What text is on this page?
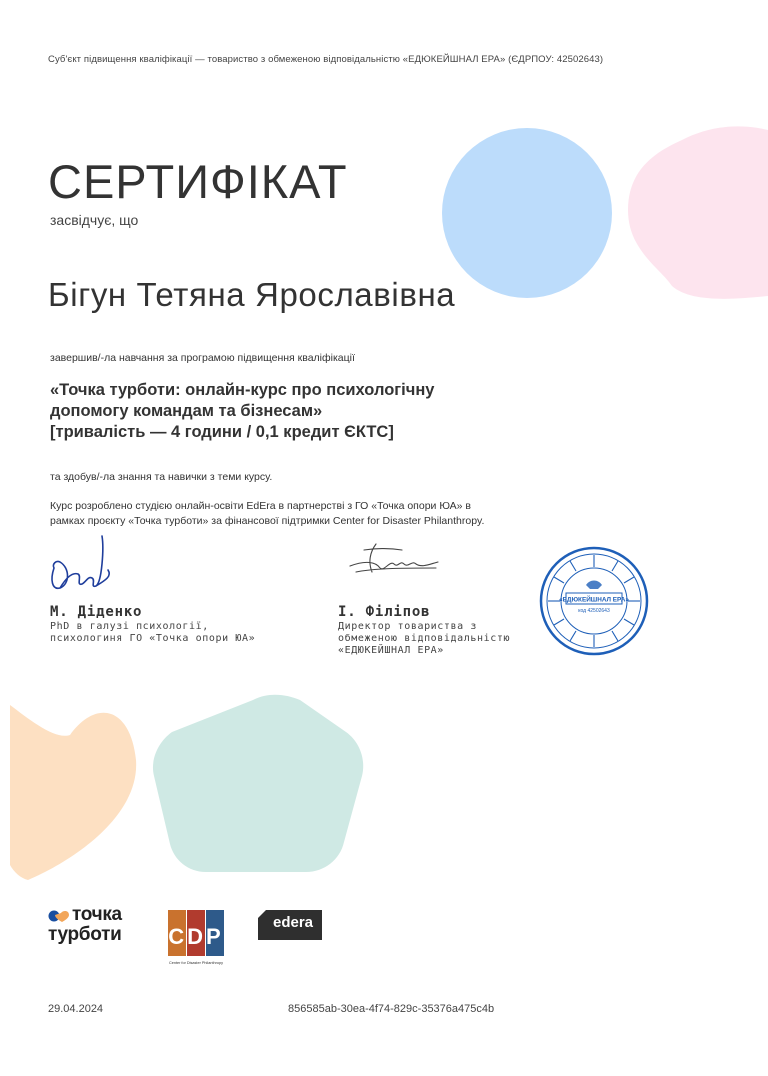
Суб'єкт підвищення кваліфікації — товариство з обмеженою відповідальністю «ЕДЮКЕЙШНАЛ ЕРА» (ЄДРПОУ: 42502643)
СЕРТИФІКАТ
засвідчує, що
Бігун Тетяна Ярославівна
завершив/-ла навчання за програмою підвищення кваліфікації
«Точка турботи: онлайн-курс про психологічну
допомогу командам та бізнесам»
[тривалість — 4 години / 0,1 кредит ЄКТС]
та здобув/-ла знання та навички з теми курсу.
Курс розроблено студією онлайн-освіти EdEra в партнерстві з ГО «Точка опори ЮА» в
рамках проєкту «Точка турботи» за фінансової підтримки Center for Disaster Philanthropy.
М. Діденко
PhD в галузі психології,
психологиня ГО «Точка опори ЮА»
І. Філіпов
Директор товариства з
обмеженою відповідальністю
«ЕДЮКЕЙШНАЛ ЕРА»
«ЕДЮКЕЙШНАЛ ЕРА»
код 42502643
точка
турботи CDP
Center for Disaster Philanthropy
edera
29.04.2024	856585ab-30ea-4f74-829c-35376a475c4b
